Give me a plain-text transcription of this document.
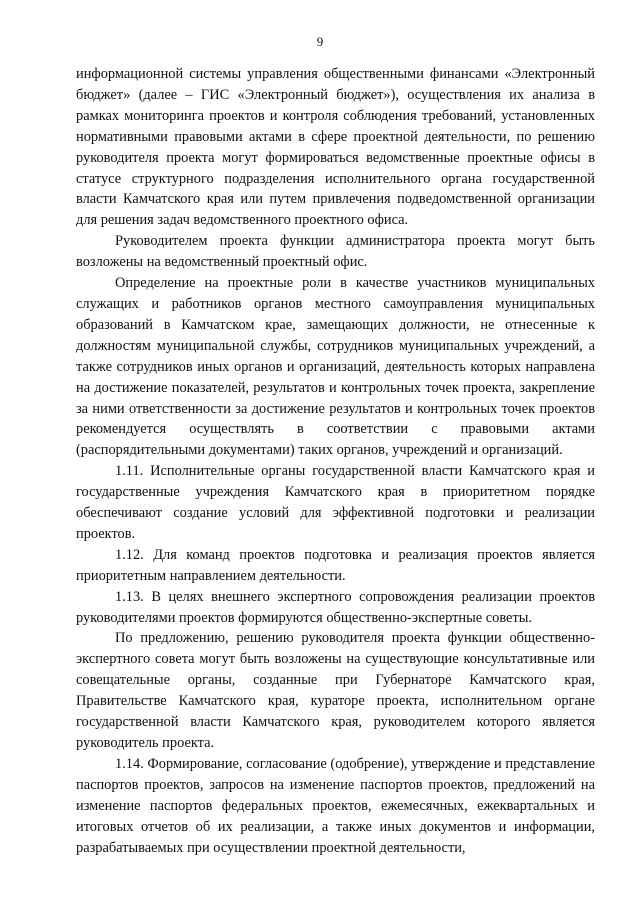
9

информационной системы управления общественными финансами «Электронный бюджет» (далее – ГИС «Электронный бюджет»), осуществления их анализа в рамках мониторинга проектов и контроля соблюдения требований, установленных нормативными правовыми актами в сфере проектной деятельности, по решению руководителя проекта могут формироваться ведомственные проектные офисы в статусе структурного подразделения исполнительного органа государственной власти Камчатского края или путем привлечения подведомственной организации для решения задач ведомственного проектного офиса.

Руководителем проекта функции администратора проекта могут быть возложены на ведомственный проектный офис.

Определение на проектные роли в качестве участников муниципальных служащих и работников органов местного самоуправления муниципальных образований в Камчатском крае, замещающих должности, не отнесенные к должностям муниципальной службы, сотрудников муниципальных учреждений, а также сотрудников иных органов и организаций, деятельность которых направлена на достижение показателей, результатов и контрольных точек проекта, закрепление за ними ответственности за достижение результатов и контрольных точек проектов рекомендуется осуществлять в соответствии с правовыми актами (распорядительными документами) таких органов, учреждений и организаций.

1.11. Исполнительные органы государственной власти Камчатского края и государственные учреждения Камчатского края в приоритетном порядке обеспечивают создание условий для эффективной подготовки и реализации проектов.

1.12. Для команд проектов подготовка и реализация проектов является приоритетным направлением деятельности.

1.13. В целях внешнего экспертного сопровождения реализации проектов руководителями проектов формируются общественно-экспертные советы.

По предложению, решению руководителя проекта функции общественно-экспертного совета могут быть возложены на существующие консультативные или совещательные органы, созданные при Губернаторе Камчатского края, Правительстве Камчатского края, кураторе проекта, исполнительном органе государственной власти Камчатского края, руководителем которого является руководитель проекта.

1.14. Формирование, согласование (одобрение), утверждение и представление паспортов проектов, запросов на изменение паспортов проектов, предложений на изменение паспортов федеральных проектов, ежемесячных, ежеквартальных и итоговых отчетов об их реализации, а также иных документов и информации, разрабатываемых при осуществлении проектной деятельности,
